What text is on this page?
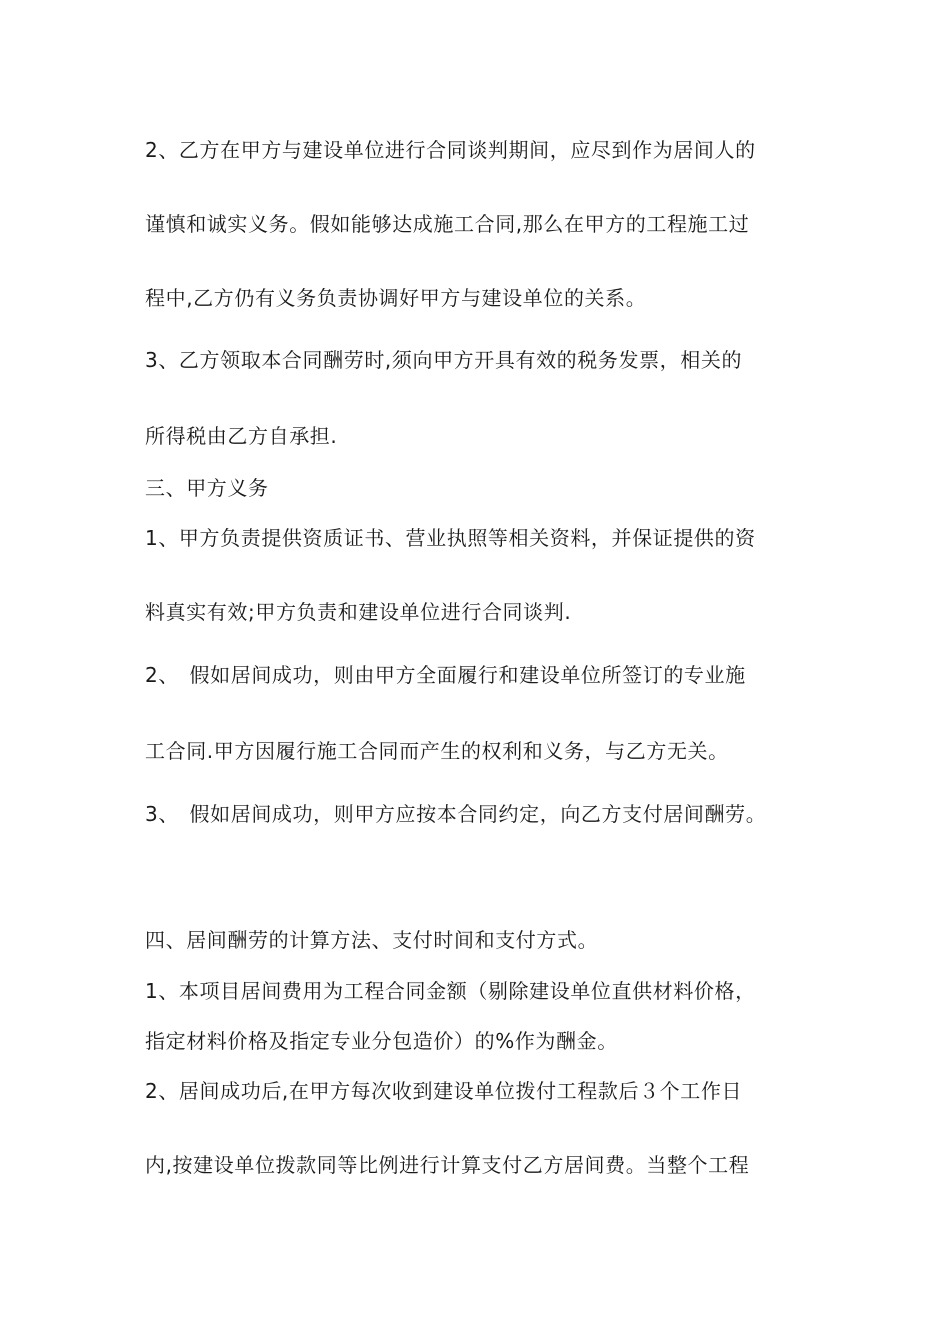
2、乙方在甲方与建设单位进行合同谈判期间，应尽到作为居间人的
谨慎和诚实义务。假如能够达成施工合同,那么在甲方的工程施工过
程中,乙方仍有义务负责协调好甲方与建设单位的关系。
3、乙方领取本合同酬劳时,须向甲方开具有效的税务发票，相关的
所得税由乙方自承担.
三、甲方义务
1、甲方负责提供资质证书、营业执照等相关资料，并保证提供的资
料真实有效;甲方负责和建设单位进行合同谈判.
2、　假如居间成功，则由甲方全面履行和建设单位所签订的专业施
工合同.甲方因履行施工合同而产生的权利和义务，与乙方无关。
3、　假如居间成功，则甲方应按本合同约定，向乙方支付居间酬劳。
四、居间酬劳的计算方法、支付时间和支付方式。
1、本项目居间费用为工程合同金额（剔除建设单位直供材料价格，
指定材料价格及指定专业分包造价）的%作为酬金。
2、居间成功后,在甲方每次收到建设单位拨付工程款后３个工作日
内,按建设单位拨款同等比例进行计算支付乙方居间费。当整个工程
